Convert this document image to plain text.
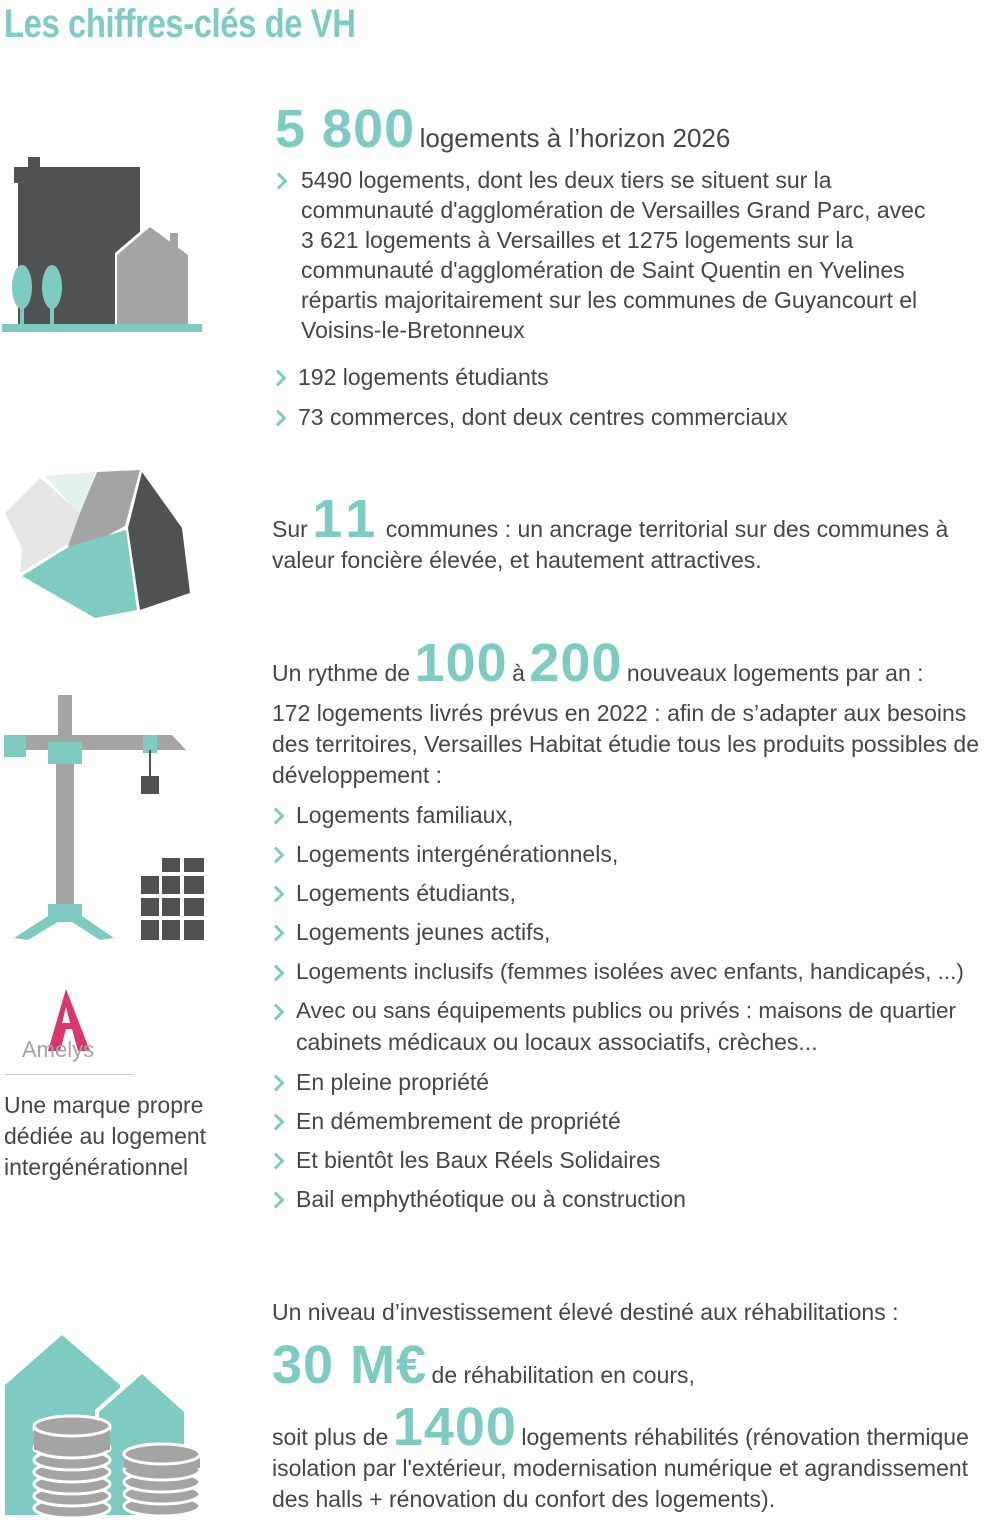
Les chiffres-clés de VH
5 800 logements à l’horizon 2026
5490 logements, dont les deux tiers se situent sur la
communauté d'agglomération de Versailles Grand Parc, avec
3 621 logements à Versailles et 1275 logements sur la
communauté d'agglomération de Saint Quentin en Yvelines
répartis majoritairement sur les communes de Guyancourt el
Voisins-le-Bretonneux
192 logements étudiants
73 commerces, dont deux centres commerciaux
Sur 11 communes : un ancrage territorial sur des communes à
valeur foncière élevée, et hautement attractives.
Un rythme de 100 à 200 nouveaux logements par an :
172 logements livrés prévus en 2022 : afin de s’adapter aux besoins
des territoires, Versailles Habitat étudie tous les produits possibles de
développement :
Logements familiaux,
Logements intergénérationnels,
Logements étudiants,
Logements jeunes actifs,
Logements inclusifs (femmes isolées avec enfants, handicapés, ...)
Avec ou sans équipements publics ou privés : maisons de quartier
cabinets médicaux ou locaux associatifs, crèches...
En pleine propriété
En démembrement de propriété
Et bientôt les Baux Réels Solidaires
Bail emphythéotique ou à construction
Amelys
Une marque propre
dédiée au logement
intergénérationnel
Un niveau d’investissement élevé destiné aux réhabilitations :
30 M€ de réhabilitation en cours,
soit plus de 1400 logements réhabilités (rénovation thermique
isolation par l'extérieur, modernisation numérique et agrandissement
des halls + rénovation du confort des logements).
